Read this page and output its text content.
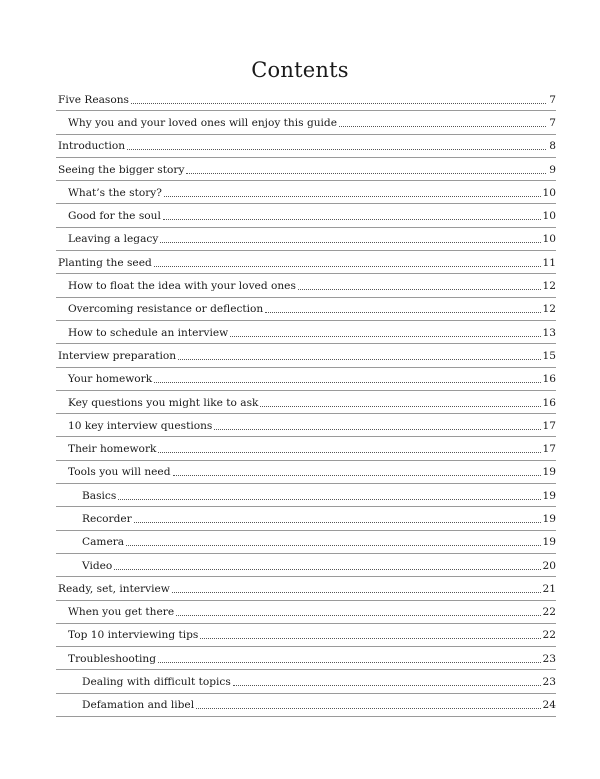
Contents
Five Reasons	7
Why you and your loved ones will enjoy this guide	7
Introduction	8
Seeing the bigger story	9
What’s the story?	10
Good for the soul	10
Leaving a legacy	10
Planting the seed	11
How to float the idea with your loved ones	12
Overcoming resistance or deflection	12
How to schedule an interview	13
Interview preparation	15
Your homework	16
Key questions you might like to ask	16
10 key interview questions	17
Their homework	17
Tools you will need	19
Basics	19
Recorder	19
Camera	19
Video	20
Ready, set, interview	21
When you get there	22
Top 10 interviewing tips	22
Troubleshooting	23
Dealing with difficult topics	23
Defamation and libel	24
